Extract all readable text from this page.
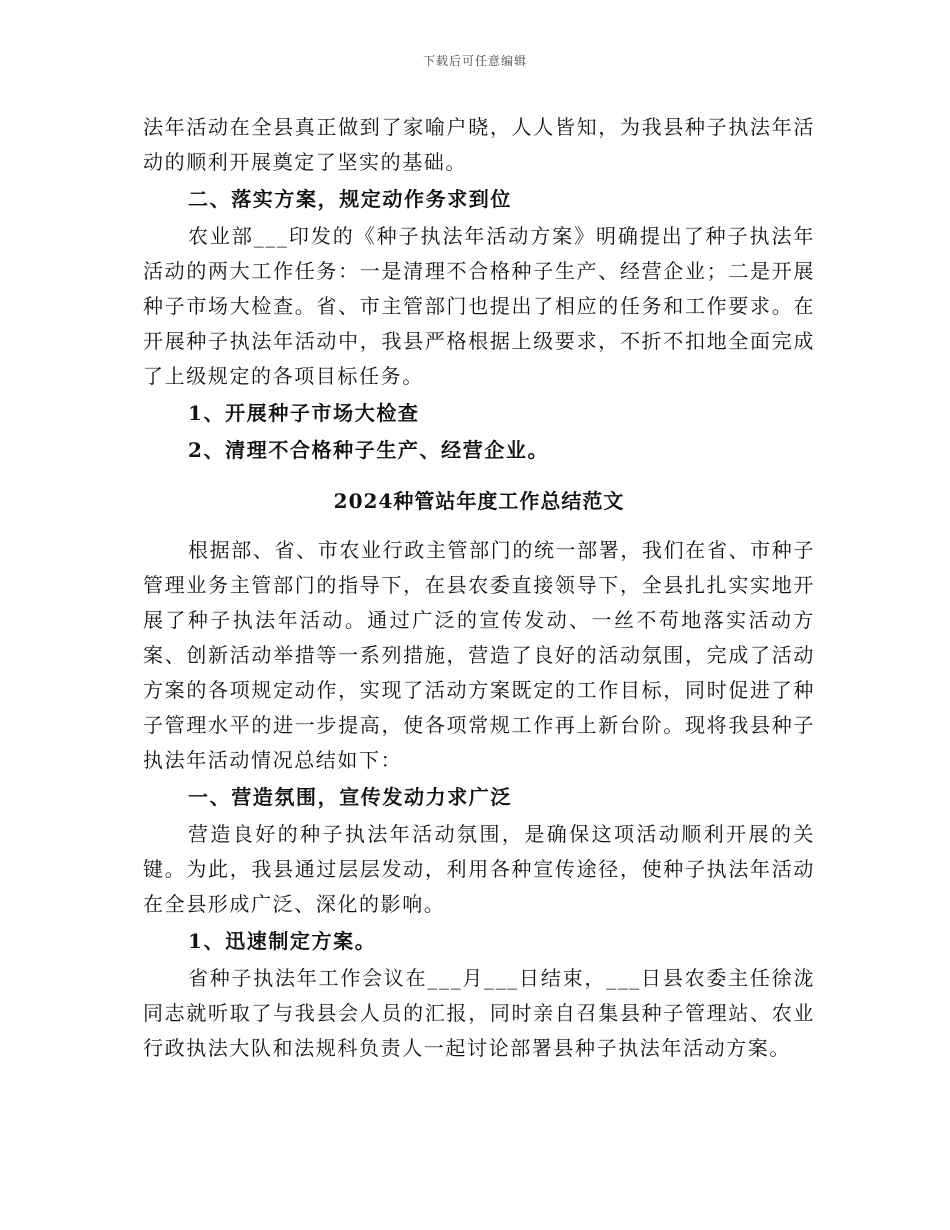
下载后可任意编辑

法年活动在全县真正做到了家喻户晓，人人皆知，为我县种子执法年活动的顺利开展奠定了坚实的基础。

二、落实方案，规定动作务求到位

农业部___印发的《种子执法年活动方案》明确提出了种子执法年活动的两大工作任务：一是清理不合格种子生产、经营企业；二是开展种子市场大检查。省、市主管部门也提出了相应的任务和工作要求。在开展种子执法年活动中，我县严格根据上级要求，不折不扣地全面完成了上级规定的各项目标任务。

1、开展种子市场大检查

2、清理不合格种子生产、经营企业。

2024种管站年度工作总结范文

根据部、省、市农业行政主管部门的统一部署，我们在省、市种子管理业务主管部门的指导下，在县农委直接领导下，全县扎扎实实地开展了种子执法年活动。通过广泛的宣传发动、一丝不苟地落实活动方案、创新活动举措等一系列措施，营造了良好的活动氛围，完成了活动方案的各项规定动作，实现了活动方案既定的工作目标，同时促进了种子管理水平的进一步提高，使各项常规工作再上新台阶。现将我县种子执法年活动情况总结如下：

一、营造氛围，宣传发动力求广泛

营造良好的种子执法年活动氛围，是确保这项活动顺利开展的关键。为此，我县通过层层发动，利用各种宣传途径，使种子执法年活动在全县形成广泛、深化的影响。

1、迅速制定方案。

省种子执法年工作会议在___月___日结束，___日县农委主任徐泷同志就听取了与我县会人员的汇报，同时亲自召集县种子管理站、农业行政执法大队和法规科负责人一起讨论部署县种子执法年活动方案。
